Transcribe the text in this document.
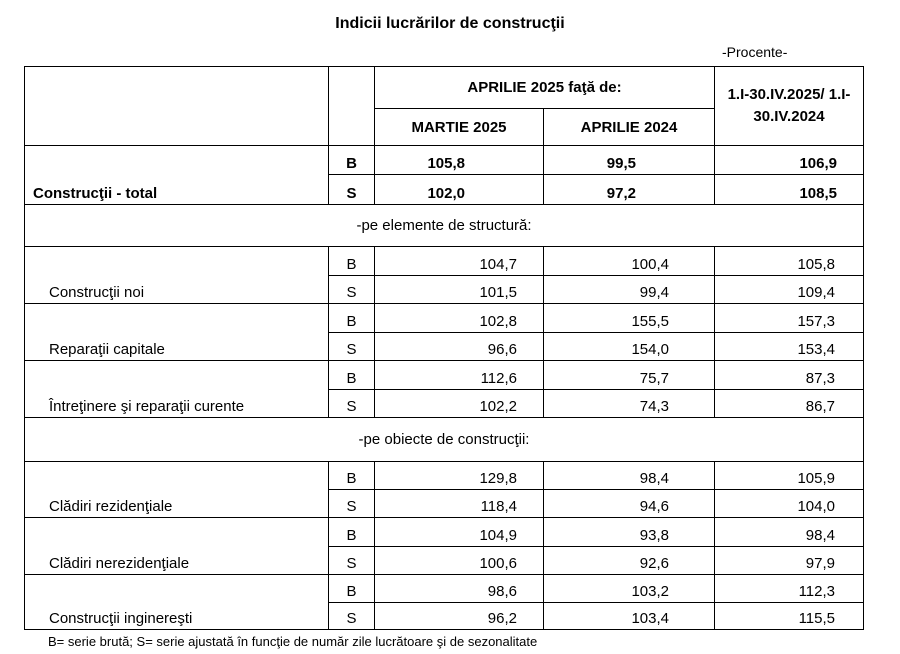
Indicii lucrărilor de construcţii
-Procente-
		APRILIE 2025 faţă de:		1.I-30.IV.2025/ 1.I-30.IV.2024
		MARTIE 2025	APRILIE 2024	
Construcţii - total	B	105,8	99,5	106,9
	S	102,0	97,2	108,5
-pe elemente de structură:				
Construcţii noi	B	104,7	100,4	105,8
	S	101,5	99,4	109,4
Reparaţii capitale	B	102,8	155,5	157,3
	S	96,6	154,0	153,4
Întreţinere şi reparaţii curente	B	112,6	75,7	87,3
	S	102,2	74,3	86,7
-pe obiecte de construcţii:				
Clădiri rezidenţiale	B	129,8	98,4	105,9
	S	118,4	94,6	104,0
Clădiri nerezidenţiale	B	104,9	93,8	98,4
	S	100,6	92,6	97,9
Construcţii inginereşti	B	98,6	103,2	112,3
	S	96,2	103,4	115,5
B= serie brută; S= serie ajustată în funcţie de număr zile lucrătoare şi de sezonalitate
